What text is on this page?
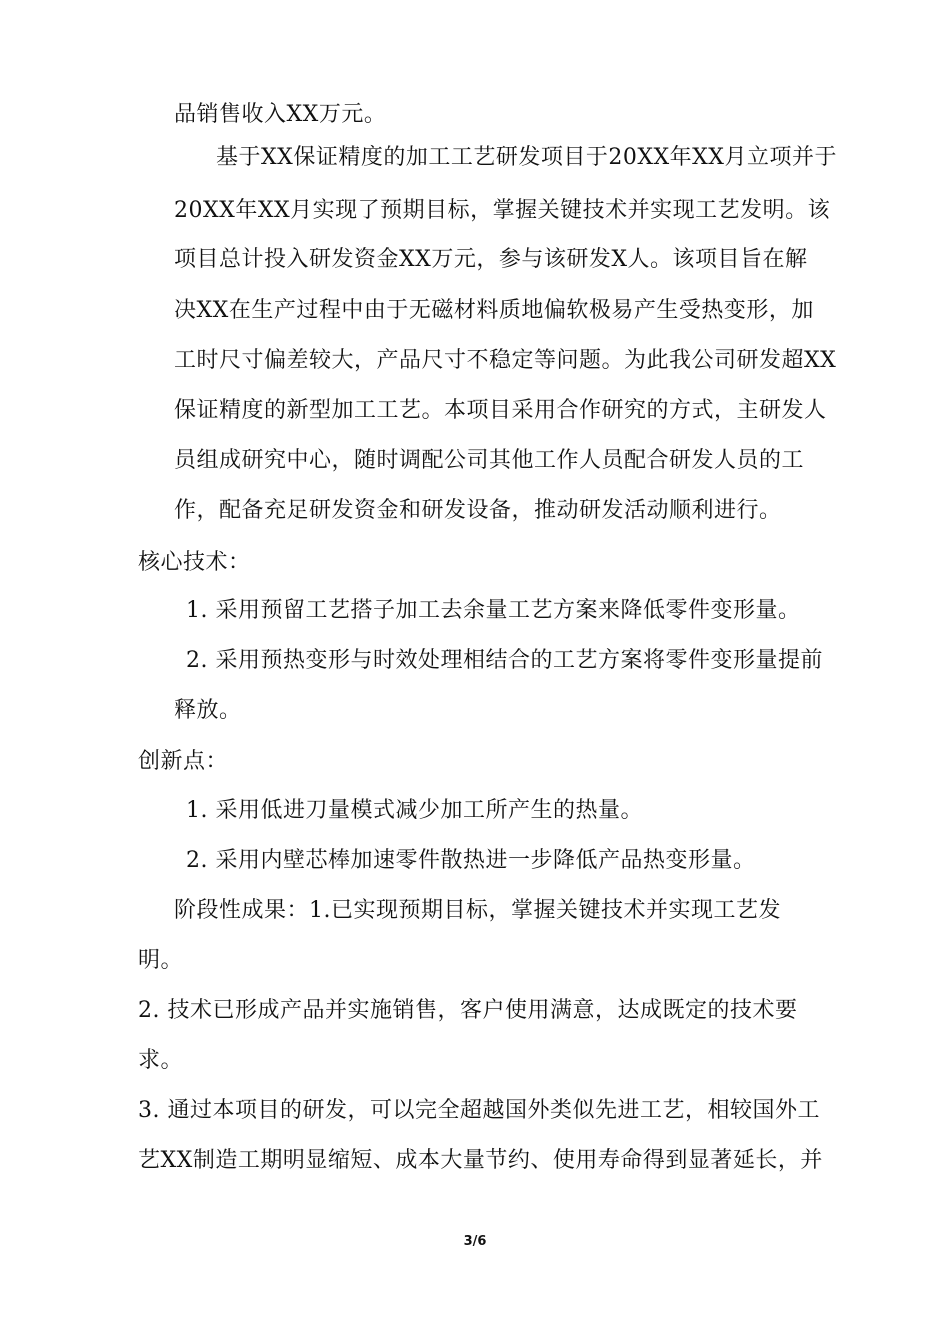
品销售收入XX万元。
基于XX保证精度的加工工艺研发项目于20XX年XX月立项并于
20XX年XX月实现了预期目标，掌握关键技术并实现工艺发明。该
项目总计投入研发资金XX万元，参与该研发X人。该项目旨在解
决XX在生产过程中由于无磁材料质地偏软极易产生受热变形，加
工时尺寸偏差较大，产品尺寸不稳定等问题。为此我公司研发超XX
保证精度的新型加工工艺。本项目采用合作研究的方式，主研发人
员组成研究中心，随时调配公司其他工作人员配合研发人员的工
作，配备充足研发资金和研发设备，推动研发活动顺利进行。
核心技术：
1. 采用预留工艺搭子加工去余量工艺方案来降低零件变形量。
2. 采用预热变形与时效处理相结合的工艺方案将零件变形量提前
释放。
创新点：
1. 采用低进刀量模式减少加工所产生的热量。
2. 采用内壁芯棒加速零件散热进一步降低产品热变形量。
阶段性成果：1.已实现预期目标，掌握关键技术并实现工艺发
明。
2. 技术已形成产品并实施销售，客户使用满意，达成既定的技术要
求。
3. 通过本项目的研发，可以完全超越国外类似先进工艺，相较国外工
艺XX制造工期明显缩短、成本大量节约、使用寿命得到显著延长，并
3/6
